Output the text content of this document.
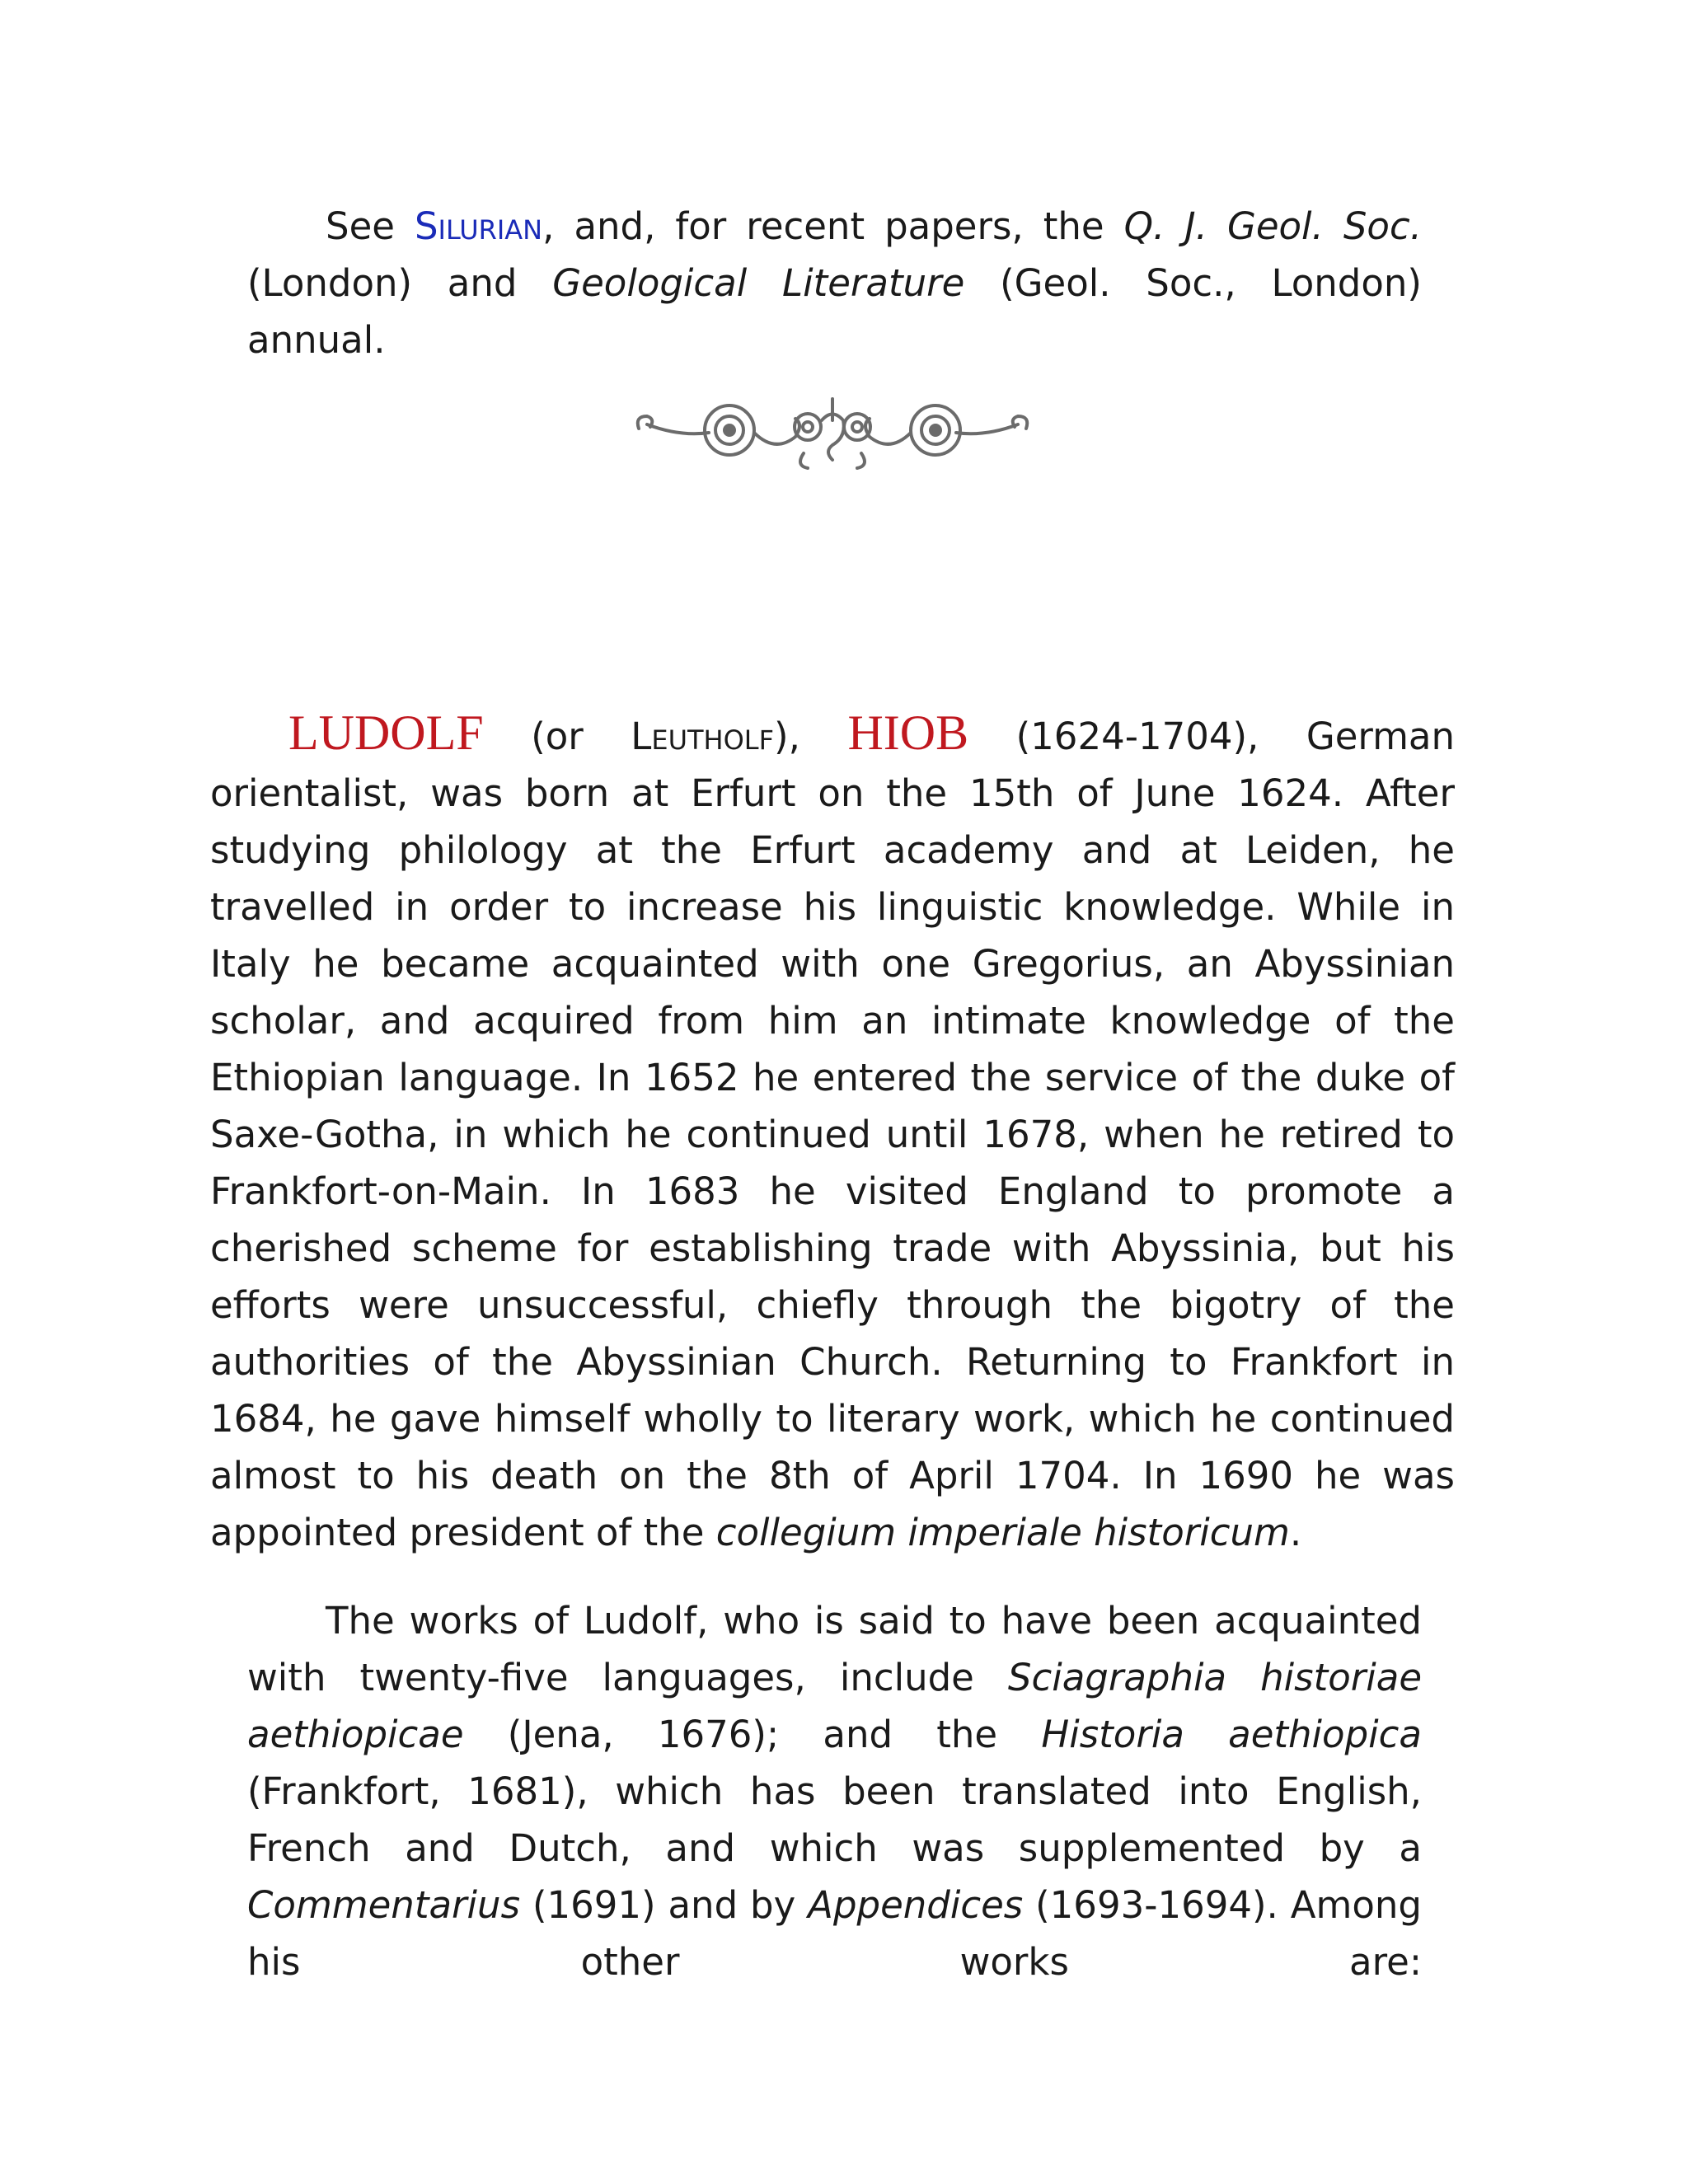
See Silurian, and, for recent papers, the Q. J. Geol. Soc. (London) and Geological Literature (Geol. Soc., London) annual.

LUDOLF (or Leutholf), HIOB (1624-1704), German orientalist, was born at Erfurt on the 15th of June 1624. After studying philology at the Erfurt academy and at Leiden, he travelled in order to increase his linguistic knowledge. While in Italy he became acquainted with one Gregorius, an Abyssinian scholar, and acquired from him an intimate knowledge of the Ethiopian language. In 1652 he entered the service of the duke of Saxe-Gotha, in which he continued until 1678, when he retired to Frankfort-on-Main. In 1683 he visited England to promote a cherished scheme for establishing trade with Abyssinia, but his efforts were unsuccessful, chiefly through the bigotry of the authorities of the Abyssinian Church. Returning to Frankfort in 1684, he gave himself wholly to literary work, which he continued almost to his death on the 8th of April 1704. In 1690 he was appointed president of the collegium imperiale historicum.

The works of Ludolf, who is said to have been acquainted with twenty-five languages, include Sciagraphia historiae aethiopicae (Jena, 1676); and the Historia aethiopica (Frankfort, 1681), which has been translated into English, French and Dutch, and which was supplemented by a Commentarius (1691) and by Appendices (1693-1694). Among his other works are:
